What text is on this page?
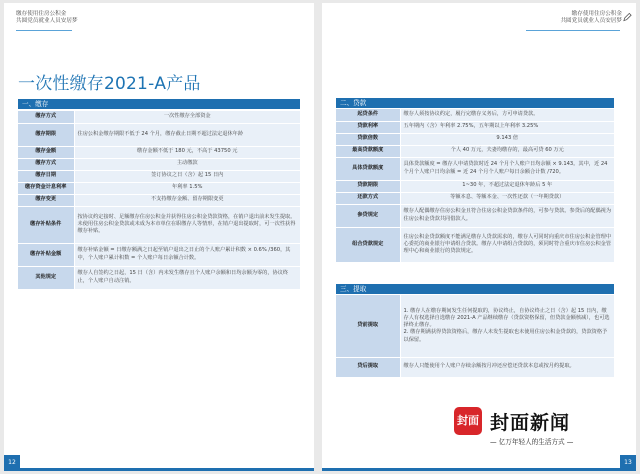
缴存使用住房公积金
共圆党员就业人员安居梦
一次性缴存2021-A产品
一、缴存
缴存方式	一次性缴存全部资金
缴存期限	住房公积金缴存期限不低于 24 个月，缴存截止日期不超过法定退休年龄
缴存金额	缴存金额不低于 180 元，不高于 43750 元
缴存方式	主动缴款
缴存日期	签订协议之日（含）起 15 日内
缴存资金计息利率	年利率 1.5%
缴存变更	不支持缴存金额、留存期限变更
缴存补贴条件	按协议约定接时、足额缴存住房公积金并获得住房公积金贷款资格，在销户退出前未发生提取。未使用住房公积金贷款或未成为本市单位在职缴存人等情形，在销户退出提取时，可一次性获得缴存补贴。
缴存补贴金额	缴存补贴金额 = 日缴存额满之日起至销户退出之日止的个人账户累计积数 × 0.6% /360，其中，个人账户累计积数 = 个人账户每日余额合计数。
其他规定	缴存人自签约之日起，15 日（含）内未发生缴存且个人账户余额和日均余额为零的，协议终止，个人账户自动注销。
12
缴存使用住房公积金
共圆党员就业人员安居梦
二、贷款
起贷条件	缴存人须按协议约定，履行完缴存义务后，方可申请贷款。
贷款利率	五年期内（含）年利率 2.75%，五年期以上年利率 3.25%
贷款倍数	9.143 倍
最高贷款额度	个人 40 万元，夫妻均缴存的，最高可贷 60 万元
具体贷款额度	具体贷款额度 = 缴存人申请贷款时近 24 个月个人账户日均余额 × 9.143。其中，近 24 个月个人账户日均余额 = 近 24 个月个人账户每日余额合计数 /720。
贷款期限	1~30 年，不超过法定退休年龄后 5 年
还款方式	等额本息、等额本金、一次性还款（一年期贷款）
参贷规定	缴存人配偶缴存住房公积金且符合住房公积金贷款条件的，可参与贷款。参贷后的配偶视为住房公积金贷款共同借款人。
组合贷款规定	住房公积金贷款额度不能满足缴存人贷款需求的，缴存人可同时向重庆市住房公积金管理中心委托的商业银行申请组合贷款。缴存人申请组合贷款的，须同时符合重庆市住房公积金管理中心和商业银行的贷款规定。
三、提取
贷前提取	1. 缴存人在缴存期间发生任何提取的，协议终止，自协议终止之日（含）起 15 日内，缴存人有权选择自选缴存 2021-A 产品继续缴存（贷款资格保留，但贷款金额核减），也可选择终止缴存。
2. 缴存期满获得贷款资格后，缴存人未发生提取也未使用住房公积金贷款的，贷款资格予以保留。
贷后提取	缴存人只能使用个人账户存续余额按月冲还应偿还贷款本息或按月约提取。
13
封面 封面新闻
— 亿万年轻人的生活方式 —
